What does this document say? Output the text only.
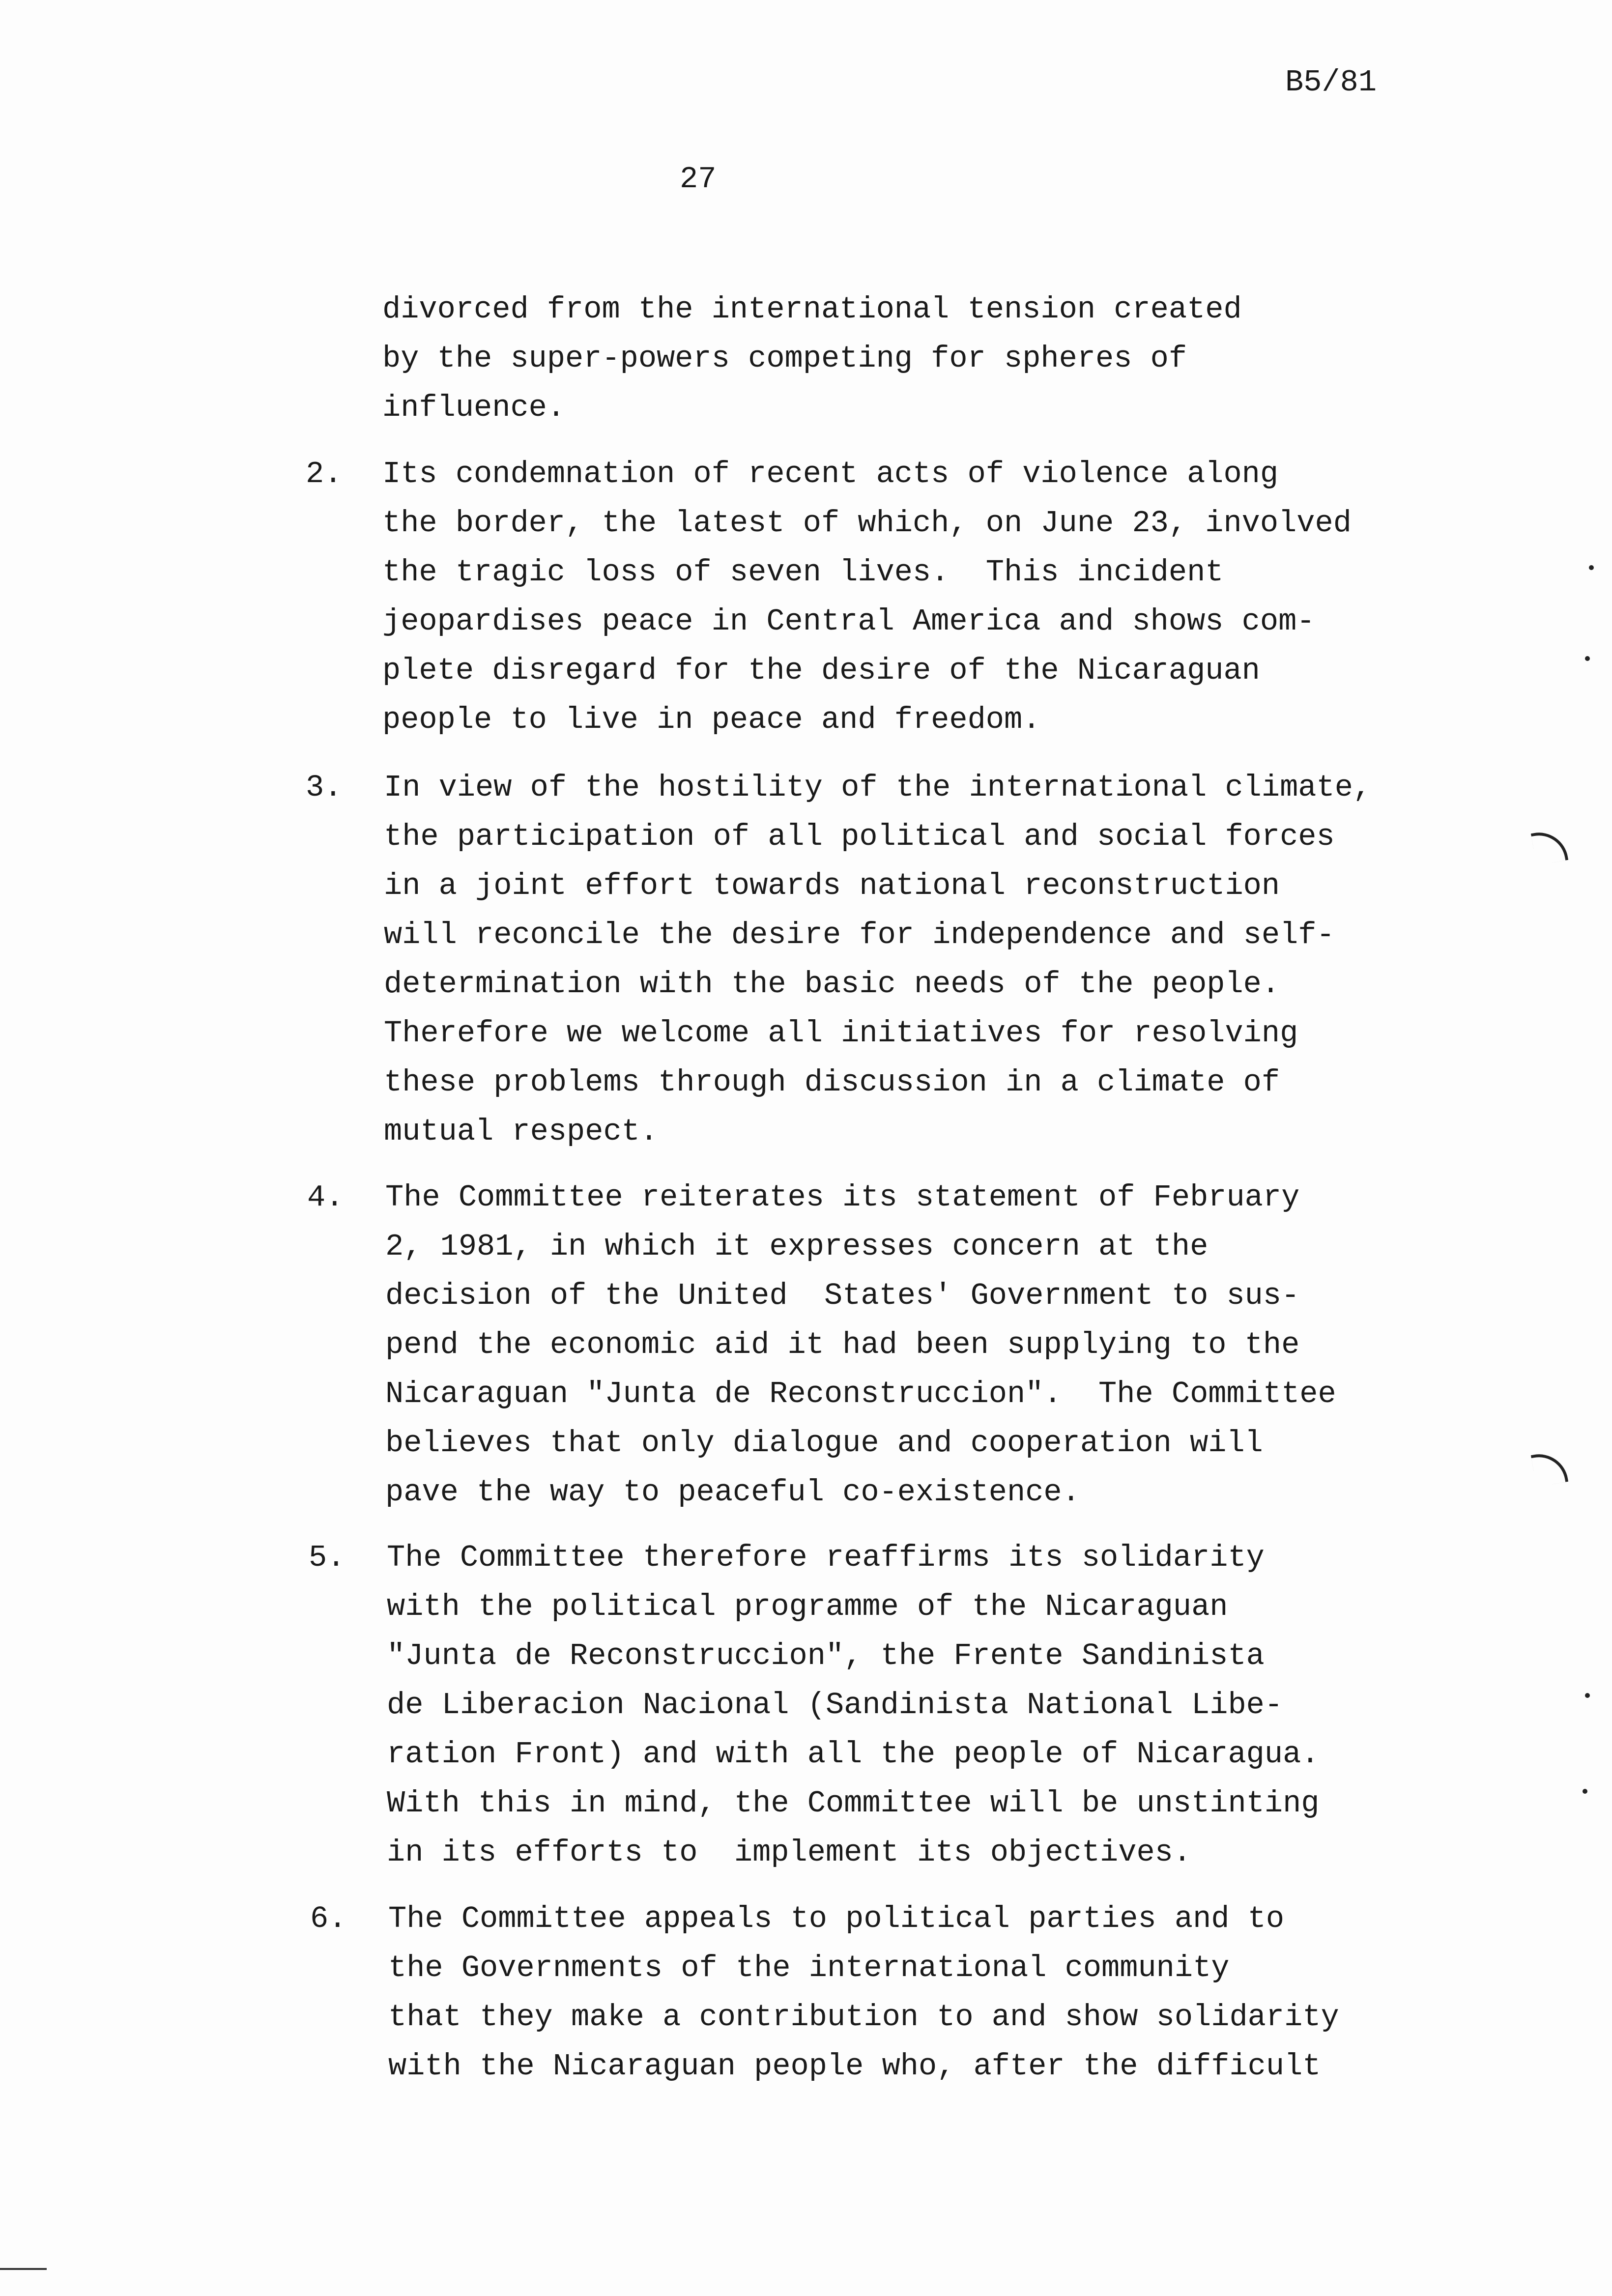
B5/81
27
divorced from the international tension created
by the super-powers competing for spheres of
influence.
2. Its condemnation of recent acts of violence along
the border, the latest of which, on June 23, involved
the tragic loss of seven lives.  This incident
jeopardises peace in Central America and shows com-
plete disregard for the desire of the Nicaraguan
people to live in peace and freedom.
3. In view of the hostility of the international climate,
the participation of all political and social forces
in a joint effort towards national reconstruction
will reconcile the desire for independence and self-
determination with the basic needs of the people.
Therefore we welcome all initiatives for resolving
these problems through discussion in a climate of
mutual respect.
4. The Committee reiterates its statement of February
2, 1981, in which it expresses concern at the
decision of the United  States' Government to sus-
pend the economic aid it had been supplying to the
Nicaraguan "Junta de Reconstruccion".  The Committee
believes that only dialogue and cooperation will
pave the way to peaceful co-existence.
5. The Committee therefore reaffirms its solidarity
with the political programme of the Nicaraguan
"Junta de Reconstruccion", the Frente Sandinista
de Liberacion Nacional (Sandinista National Libe-
ration Front) and with all the people of Nicaragua.
With this in mind, the Committee will be unstinting
in its efforts to  implement its objectives.
6. The Committee appeals to political parties and to
the Governments of the international community
that they make a contribution to and show solidarity
with the Nicaraguan people who, after the difficult
